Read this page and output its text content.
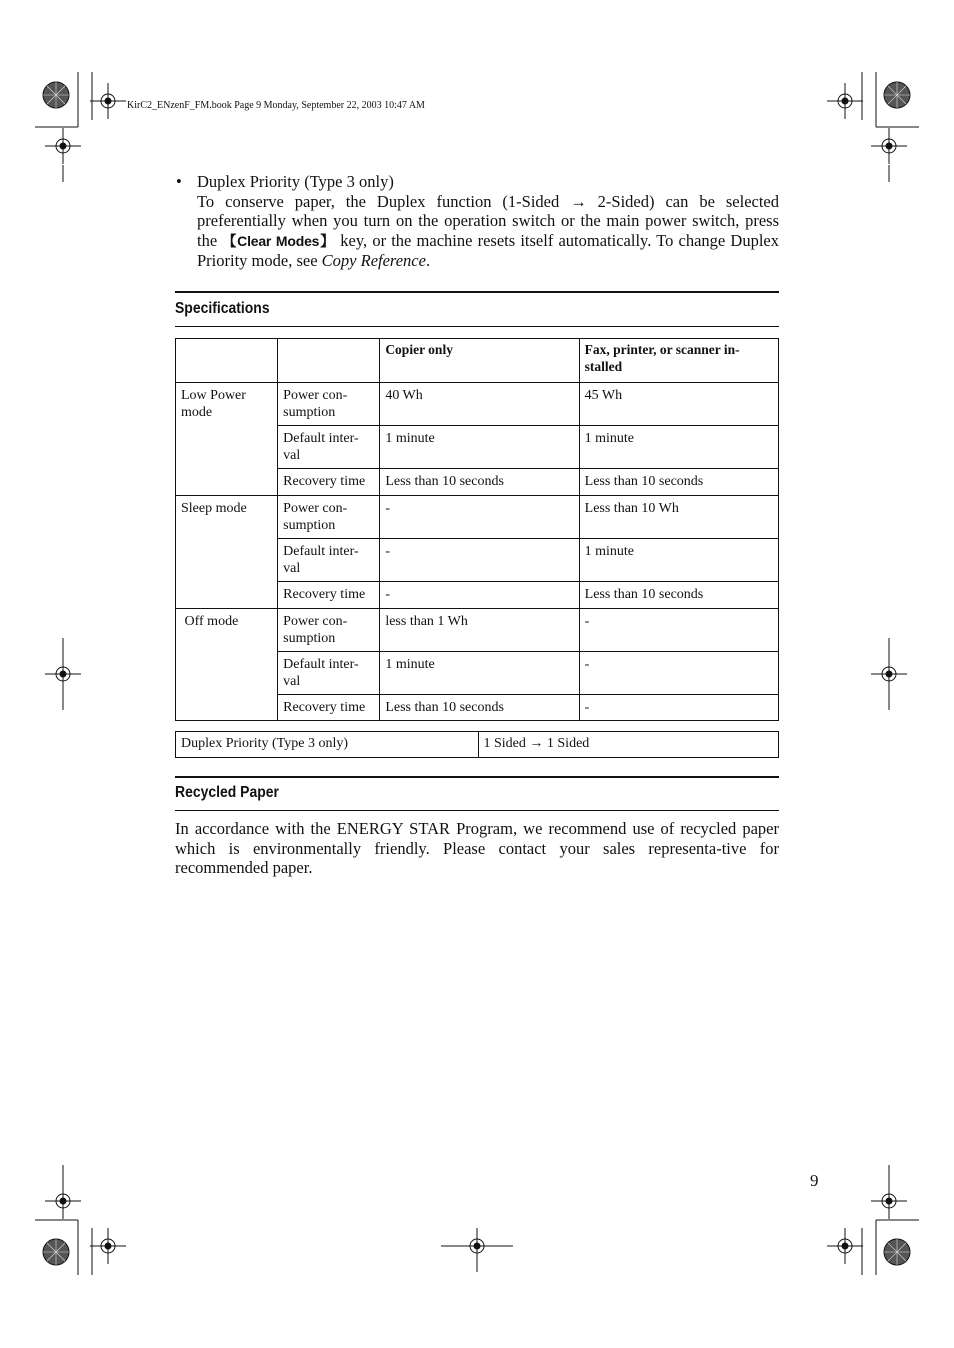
KirC2_ENzenF_FM.book Page 9 Monday, September 22, 2003 10:47 AM
• Duplex Priority (Type 3 only)
To conserve paper, the Duplex function (1-Sided → 2-Sided) can be selected preferentially when you turn on the operation switch or the main power switch, press the 【Clear Modes】 key, or the machine resets itself automatically. To change Duplex Priority mode, see Copy Reference.
Specifications
		Copier only	Fax, printer, or scanner in-stalled
Low Power mode	Power con-sumption	40 Wh	45 Wh
	Default inter-val	1 minute	1 minute
	Recovery time	Less than 10 seconds	Less than 10 seconds
Sleep mode	Power con-sumption	-	Less than 10 Wh
	Default inter-val	-	1 minute
	Recovery time	-	Less than 10 seconds
Off mode	Power con-sumption	less than 1 Wh	-
	Default inter-val	1 minute	-
	Recovery time	Less than 10 seconds	-
Duplex Priority (Type 3 only)	1 Sided → 1 Sided
Recycled Paper
In accordance with the ENERGY STAR Program, we recommend use of recycled paper which is environmentally friendly. Please contact your sales representa-tive for recommended paper.
9
